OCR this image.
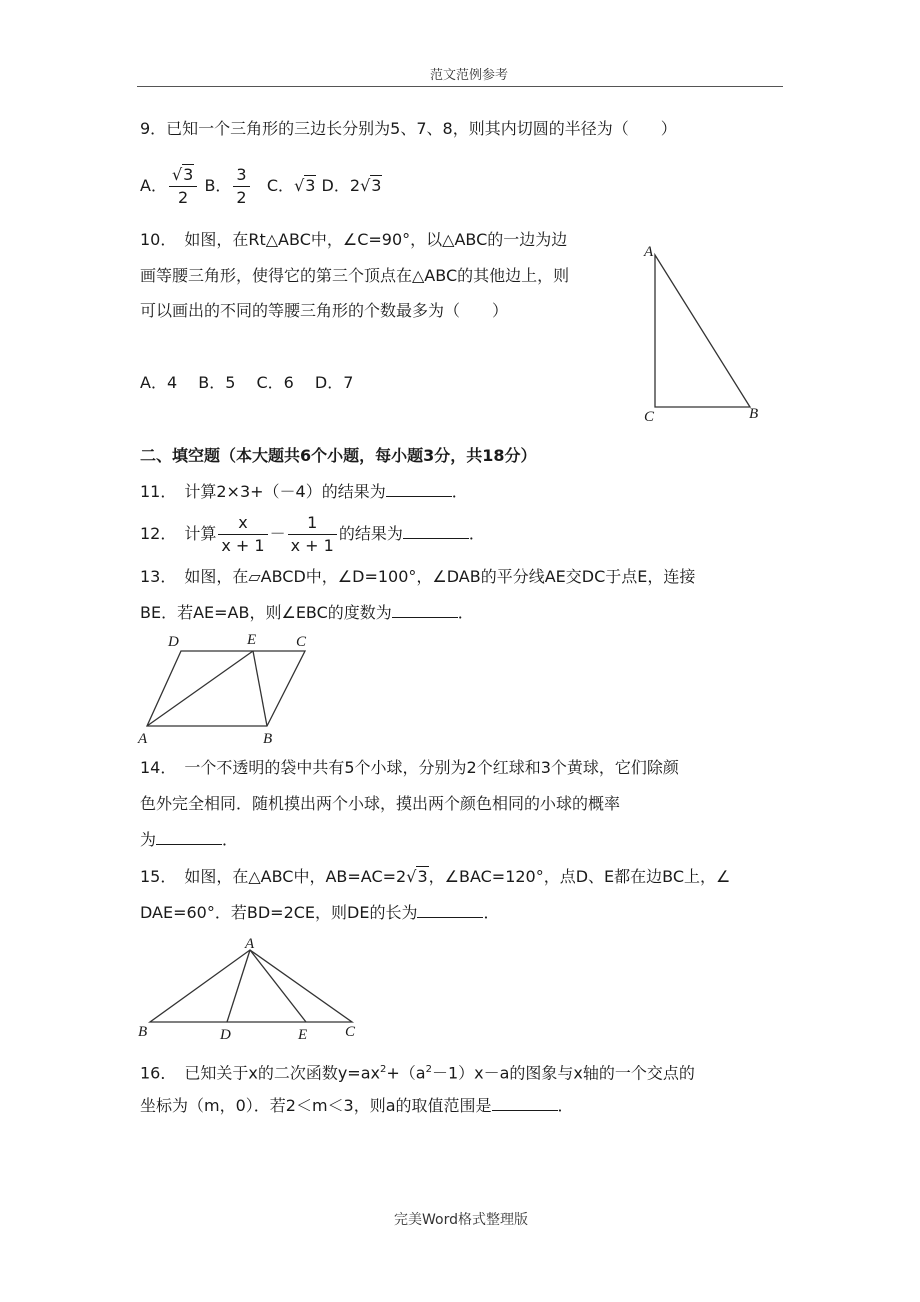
范文范例参考
9．已知一个三角形的三边长分别为5、7、8，则其内切圆的半径为（　　）
A． $\frac{√3}{2}$ B． $\frac{3}{2}$ C．√3 D．2√3
10．　如图，在Rt△ABC中，∠C=90°，以△ABC的一边为边
画等腰三角形，使得它的第三个顶点在△ABC的其他边上，则
可以画出的不同的等腰三角形的个数最多为（　　）
A．4　 B．5　 C．6　 D．7
A
C	B
二、填空题（本大题共6个小题，每小题3分，共18分）
11．　计算2×3+（－4）的结果为	．
12．　计算 $\frac{x}{x + 1} - \frac{1}{x + 1}$ 的结果为	．
13．　如图，在▱ABCD中，∠D=100°，∠DAB的平分线AE交DC于点E，连接
BE．若AE=AB，则∠EBC的度数为	．
D	E	C
A	B
14．　一个不透明的袋中共有5个小球，分别为2个红球和3个黄球，它们除颜
色外完全相同．随机摸出两个小球，摸出两个颜色相同的小球的概率
为	．
15．　如图，在△ABC中，AB=AC=2√3，∠BAC=120°，点D、E都在边BC上，∠
DAE=60°．若BD=2CE，则DE的长为	．
A
B	D	E	C
16．　已知关于x的二次函数$y=ax^2+(a^2-1)x-a$的图象与x轴的一个交点的
坐标为（m，0）．若2＜m＜3，则a的取值范围是	．
完美Word格式整理版
